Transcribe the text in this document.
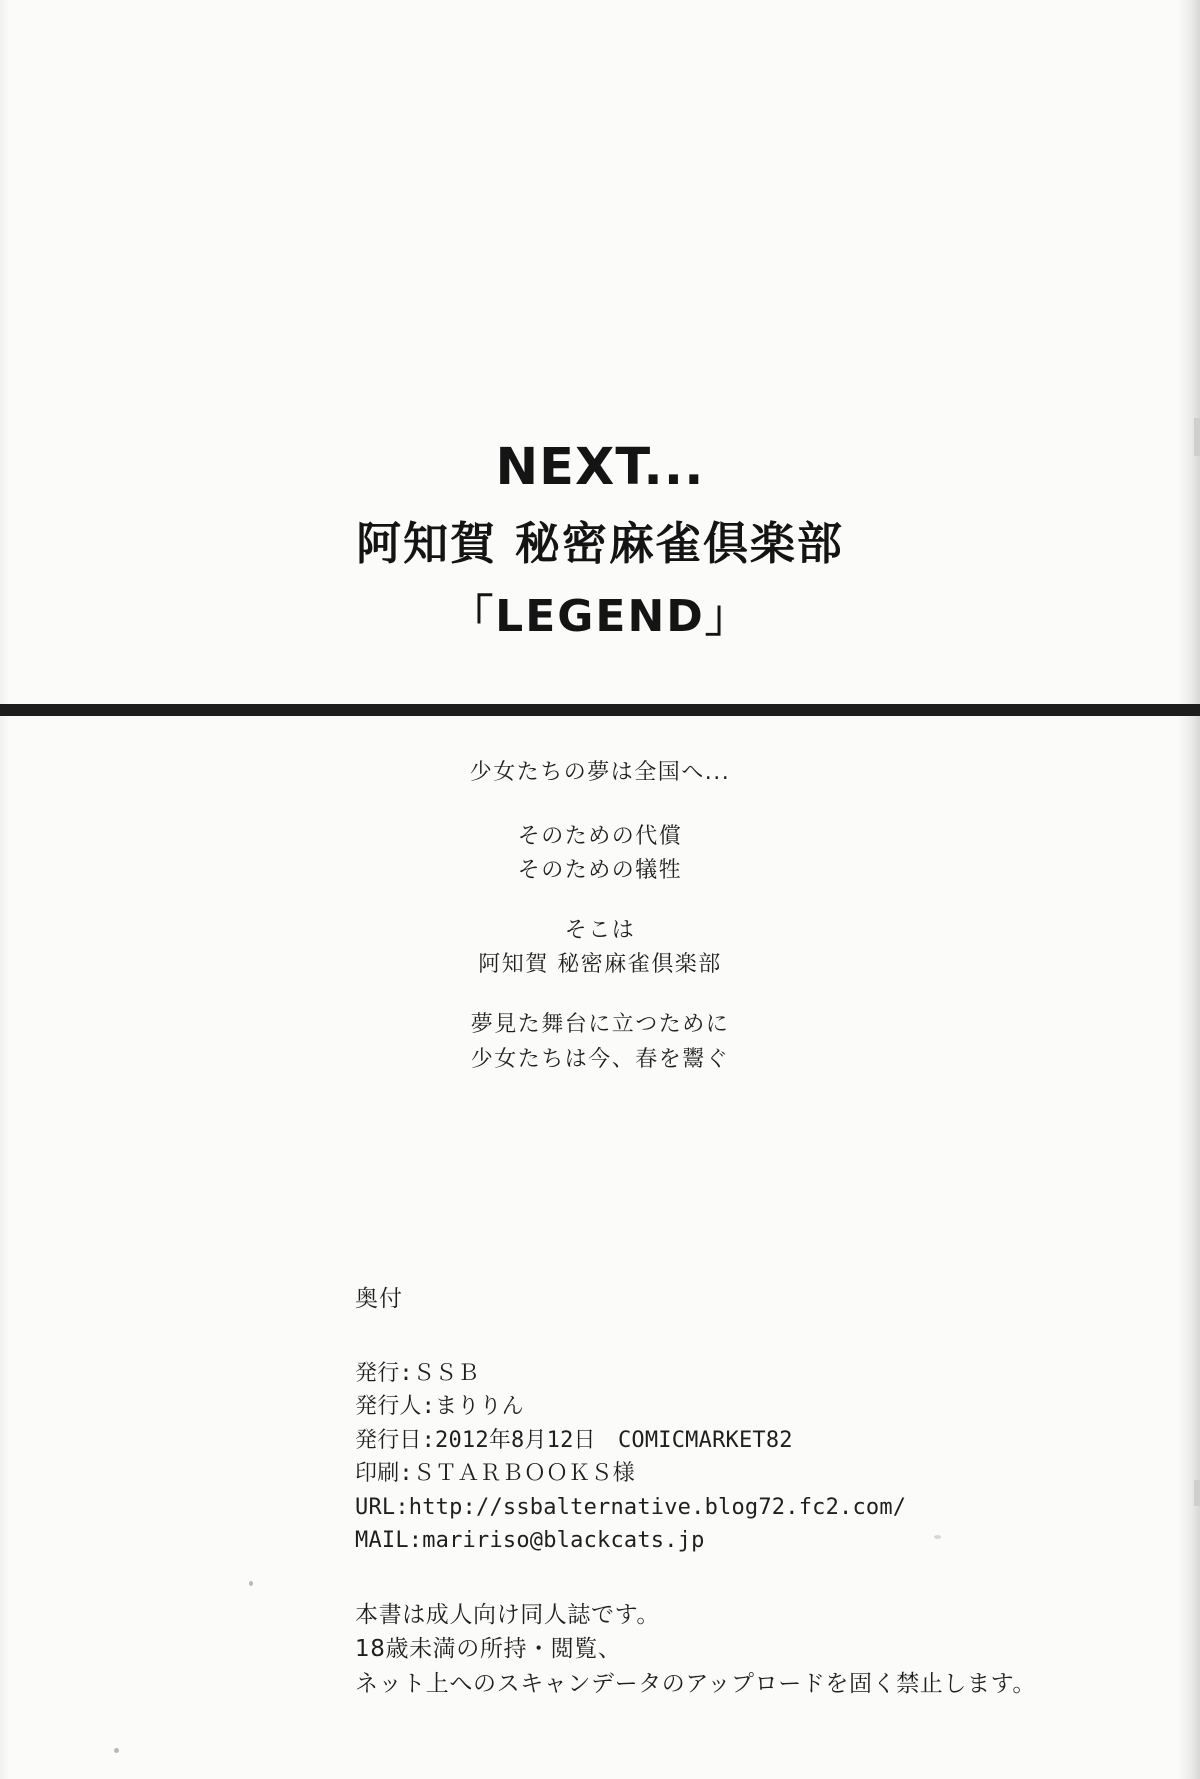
NEXT...
阿知賀 秘密麻雀倶楽部
「LEGEND」

少女たちの夢は全国へ...

そのための代償

そのための犠牲

そこは

阿知賀 秘密麻雀倶楽部

夢見た舞台に立つために

少女たちは今、春を鬻ぐ

奥付
発行:ＳＳＢ
発行人:まりりん
発行日:2012年8月12日　COMICMARKET82
印刷:ＳＴＡＲＢＯＯＫＳ様
URL:http://ssbalternative.blog72.fc2.com/
MAIL:maririso@blackcats.jp
本書は成人向け同人誌です。
18歳未満の所持・閲覧、
ネット上へのスキャンデータのアップロードを固く禁止します。
